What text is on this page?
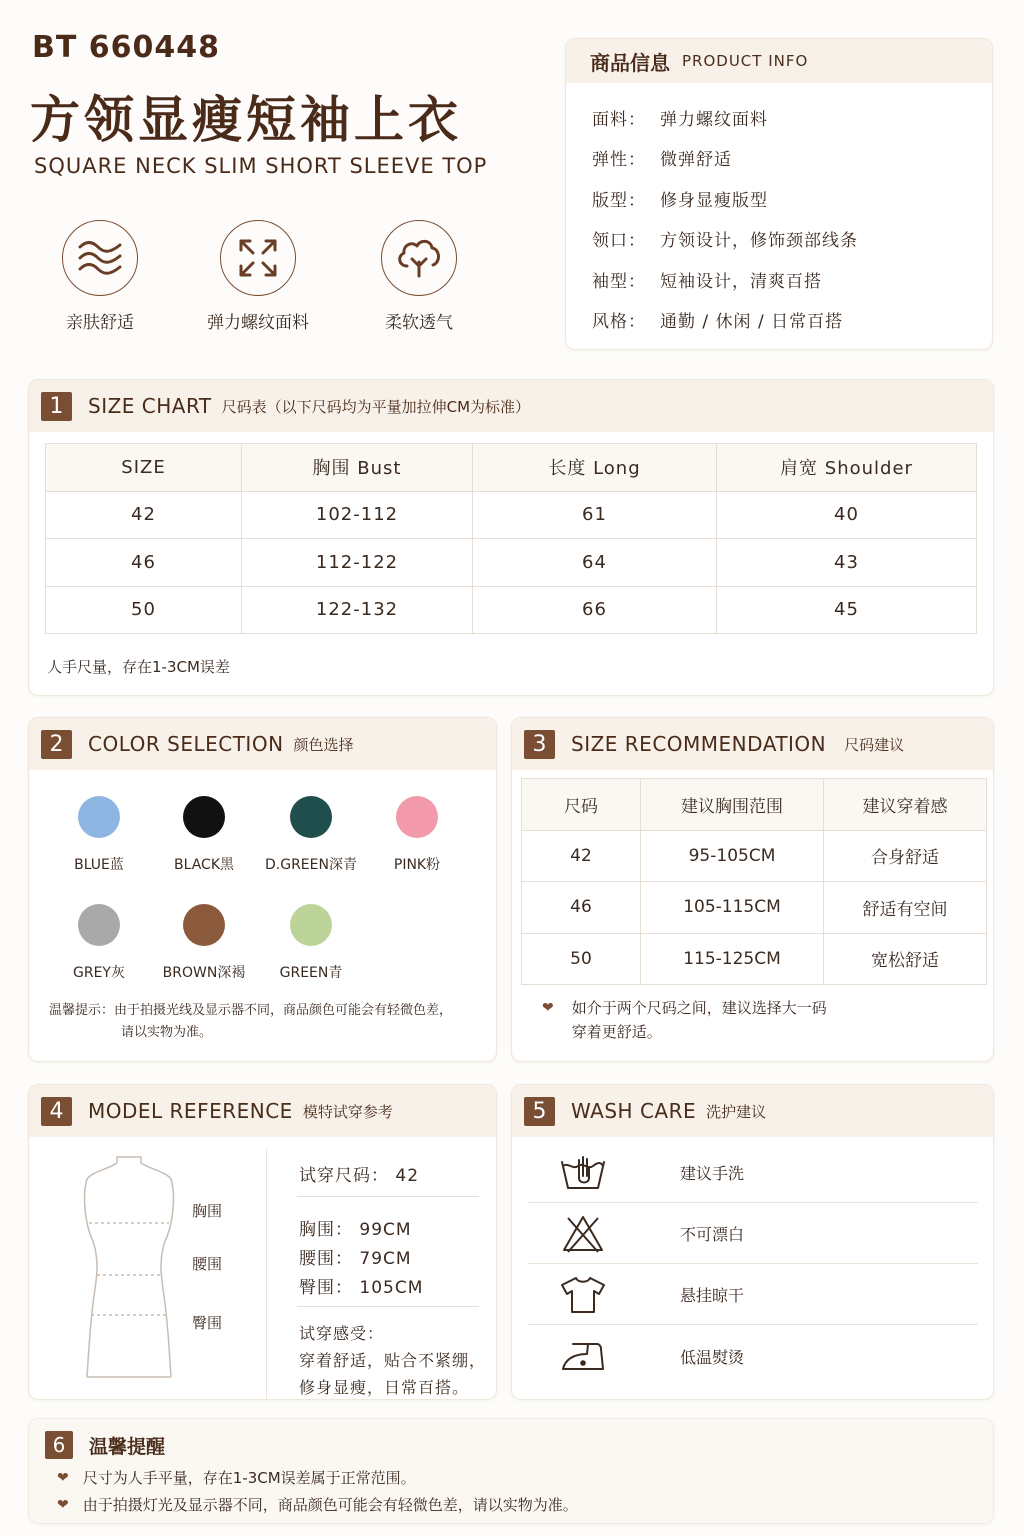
BT 660448
方领显瘦短袖上衣
SQUARE NECK SLIM SHORT SLEEVE TOP
亲肤舒适	弹力螺纹面料	柔软透气
商品信息 PRODUCT INFO
面料： 弹力螺纹面料
弹性： 微弹舒适
版型： 修身显瘦版型
领口： 方领设计，修饰颈部线条
袖型： 短袖设计，清爽百搭
风格： 通勤 / 休闲 / 日常百搭
1	SIZE CHART 尺码表（以下尺码均为平量加拉伸CM为标准）
SIZE	胸围 Bust	长度 Long	肩宽 Shoulder
42	102-112	61	40
46	112-122	64	43
50	122-132	66	45
人手尺量，存在1-3CM误差
2	COLOR SELECTION 颜色选择
BLUE蓝	BLACK黑	D.GREEN深青	PINK粉
GREY灰	BROWN深褐	GREEN青
温馨提示：由于拍摄光线及显示器不同，商品颜色可能会有轻微色差，
请以实物为准。
3	SIZE RECOMMENDATION 尺码建议
尺码	建议胸围范围	建议穿着感
42	95-105CM	合身舒适
46	105-115CM	舒适有空间
50	115-125CM	宽松舒适
❤ 如介于两个尺码之间，建议选择大一码
穿着更舒适。
4	MODEL REFERENCE 模特试穿参考
胸围
腰围
臀围
试穿尺码： 42
胸围： 99CM
腰围： 79CM
臀围： 105CM
试穿感受：
穿着舒适，贴合不紧绷，
修身显瘦，日常百搭。
5	WASH CARE 洗护建议
建议手洗
不可漂白
悬挂晾干
低温熨烫
6	温馨提醒
❤ 尺寸为人手平量，存在1-3CM误差属于正常范围。
❤ 由于拍摄灯光及显示器不同，商品颜色可能会有轻微色差，请以实物为准。
